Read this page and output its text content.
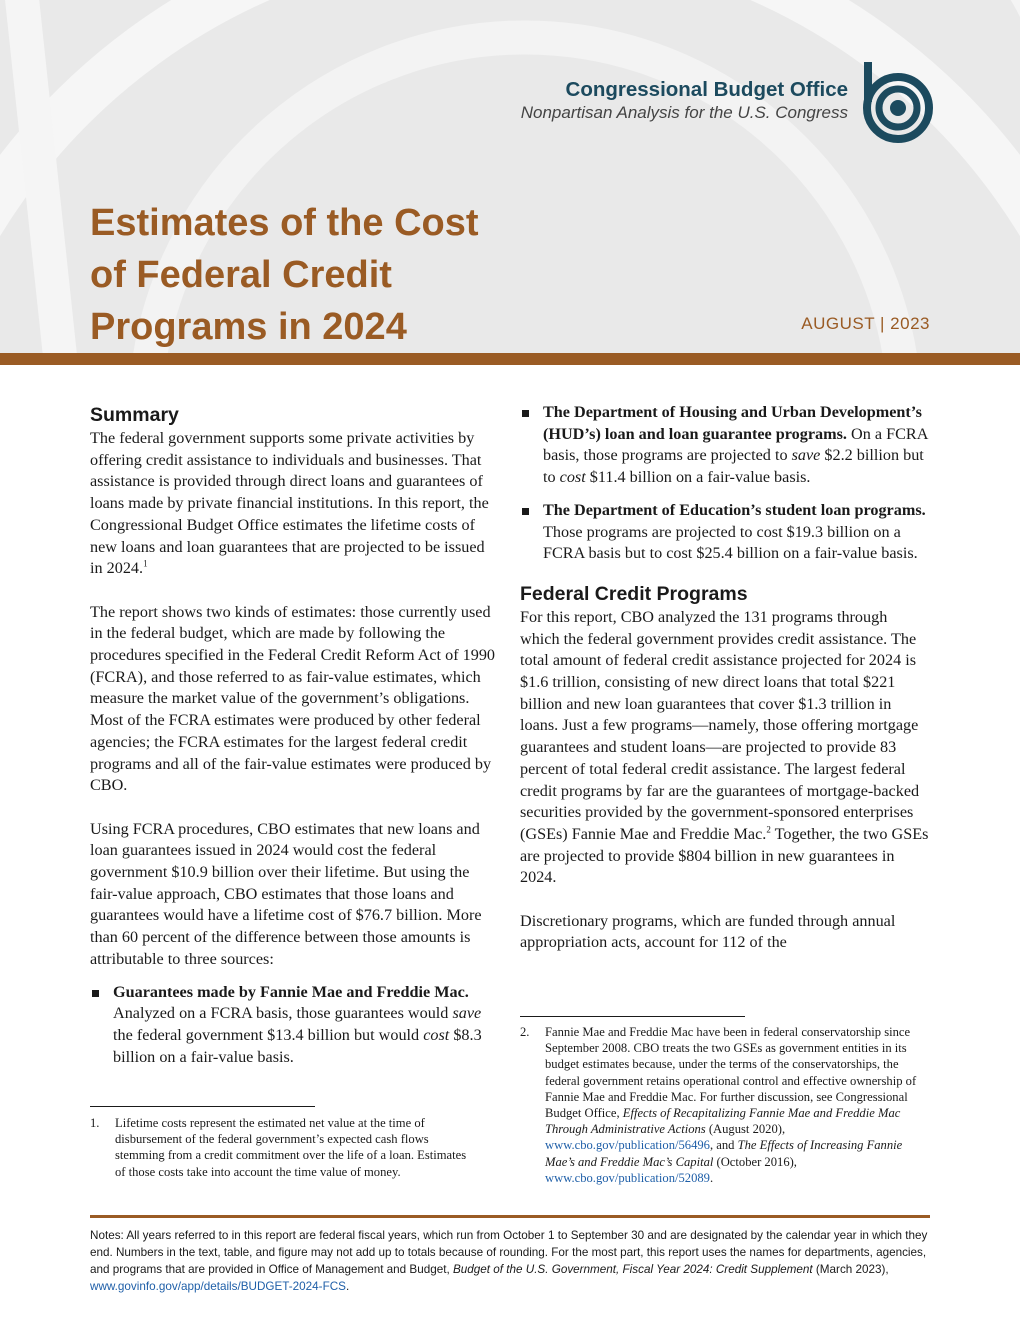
Congressional Budget Office
Nonpartisan Analysis for the U.S. Congress
Estimates of the Cost
of Federal Credit
Programs in 2024	AUGUST | 2023
Summary

The federal government supports some private activities by offering credit assistance to individuals and businesses. That assistance is provided through direct loans and guarantees of loans made by private financial institutions. In this report, the Congressional Budget Office estimates the lifetime costs of new loans and loan guarantees that are projected to be issued in 2024.$^1$

The report shows two kinds of estimates: those currently used in the federal budget, which are made by following the procedures specified in the Federal Credit Reform Act of 1990 (FCRA), and those referred to as fair-value estimates, which measure the market value of the government’s obligations. Most of the FCRA estimates were produced by other federal agencies; the FCRA estimates for the largest federal credit programs and all of the fair-value estimates were produced by CBO.

Using FCRA procedures, CBO estimates that new loans and loan guarantees issued in 2024 would cost the federal government $10.9 billion over their lifetime. But using the fair-value approach, CBO estimates that those loans and guarantees would have a lifetime cost of $76.7 billion. More than 60 percent of the difference between those amounts is attributable to three sources:

Guarantees made by Fannie Mae and Freddie Mac. Analyzed on a FCRA basis, those guarantees would save the federal government $13.4 billion but would cost $8.3 billion on a fair-value basis.
1. Lifetime costs represent the estimated net value at the time of disbursement of the federal government’s expected cash flows stemming from a credit commitment over the life of a loan. Estimates of those costs take into account the time value of money.
The Department of Housing and Urban Development’s (HUD’s) loan and loan guarantee programs. On a FCRA basis, those programs are projected to save $2.2 billion but to cost $11.4 billion on a fair-value basis.
The Department of Education’s student loan programs. Those programs are projected to cost $19.3 billion on a FCRA basis but to cost $25.4 billion on a fair-value basis.
Federal Credit Programs

For this report, CBO analyzed the 131 programs through which the federal government provides credit assistance. The total amount of federal credit assistance projected for 2024 is $1.6 trillion, consisting of new direct loans that total $221 billion and new loan guarantees that cover $1.3 trillion in loans. Just a few programs—namely, those offering mortgage guarantees and student loans—are projected to provide 83 percent of total federal credit assistance. The largest federal credit programs by far are the guarantees of mortgage-backed securities provided by the government-sponsored enterprises (GSEs) Fannie Mae and Freddie Mac.$^2$ Together, the two GSEs are projected to provide $804 billion in new guarantees in 2024.

Discretionary programs, which are funded through annual appropriation acts, account for 112 of the

2. Fannie Mae and Freddie Mac have been in federal conservatorship since September 2008. CBO treats the two GSEs as government entities in its budget estimates because, under the terms of the conservatorships, the federal government retains operational control and effective ownership of Fannie Mae and Freddie Mac. For further discussion, see Congressional Budget Office, Effects of Recapitalizing Fannie Mae and Freddie Mac Through Administrative Actions (August 2020), www.cbo.gov/publication/56496, and The Effects of Increasing Fannie Mae’s and Freddie Mac’s Capital (October 2016), www.cbo.gov/publication/52089.
Notes: All years referred to in this report are federal fiscal years, which run from October 1 to September 30 and are designated by the calendar year in which they end. Numbers in the text, table, and figure may not add up to totals because of rounding. For the most part, this report uses the names for departments, agencies, and programs that are provided in Office of Management and Budget, Budget of the U.S. Government, Fiscal Year 2024: Credit Supplement (March 2023), www.govinfo.gov/app/details/BUDGET-2024-FCS.
